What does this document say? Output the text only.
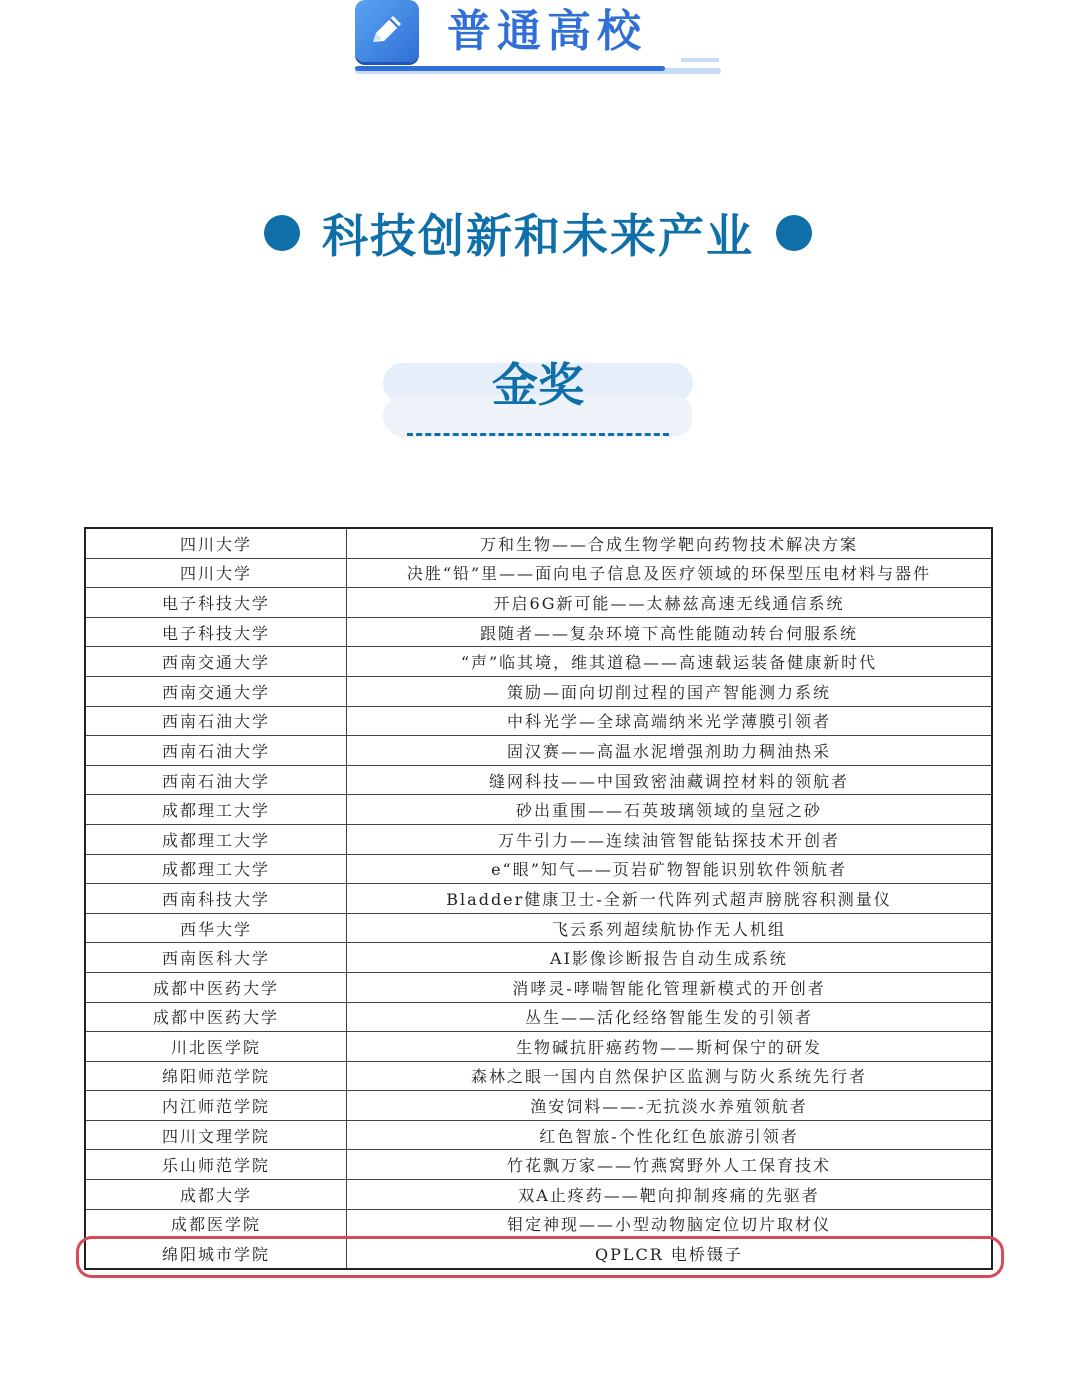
普通高校
科技创新和未来产业
金奖
四川大学	万和生物——合成生物学靶向药物技术解决方案
四川大学	决胜“铅”里——面向电子信息及医疗领域的环保型压电材料与器件
电子科技大学	开启6G新可能——太赫兹高速无线通信系统
电子科技大学	跟随者——复杂环境下高性能随动转台伺服系统
西南交通大学	“声”临其境，维其道稳——高速载运装备健康新时代
西南交通大学	策励—面向切削过程的国产智能测力系统
西南石油大学	中科光学—全球高端纳米光学薄膜引领者
西南石油大学	固汉赛——高温水泥增强剂助力稠油热采
西南石油大学	缝网科技——中国致密油藏调控材料的领航者
成都理工大学	砂出重围——石英玻璃领域的皇冠之砂
成都理工大学	万牛引力——连续油管智能钻探技术开创者
成都理工大学	e“眼”知气——页岩矿物智能识别软件领航者
西南科技大学	Bladder健康卫士-全新一代阵列式超声膀胱容积测量仪
西华大学	飞云系列超续航协作无人机组
西南医科大学	AI影像诊断报告自动生成系统
成都中医药大学	消哮灵-哮喘智能化管理新模式的开创者
成都中医药大学	丛生——活化经络智能生发的引领者
川北医学院	生物碱抗肝癌药物——斯柯保宁的研发
绵阳师范学院	森林之眼一国内自然保护区监测与防火系统先行者
内江师范学院	渔安饲料——-无抗淡水养殖领航者
四川文理学院	红色智旅-个性化红色旅游引领者
乐山师范学院	竹花飘万家——竹燕窝野外人工保育技术
成都大学	双A止疼药——靶向抑制疼痛的先驱者
成都医学院	钼定神现——小型动物脑定位切片取材仪
绵阳城市学院	QPLCR 电桥镊子
